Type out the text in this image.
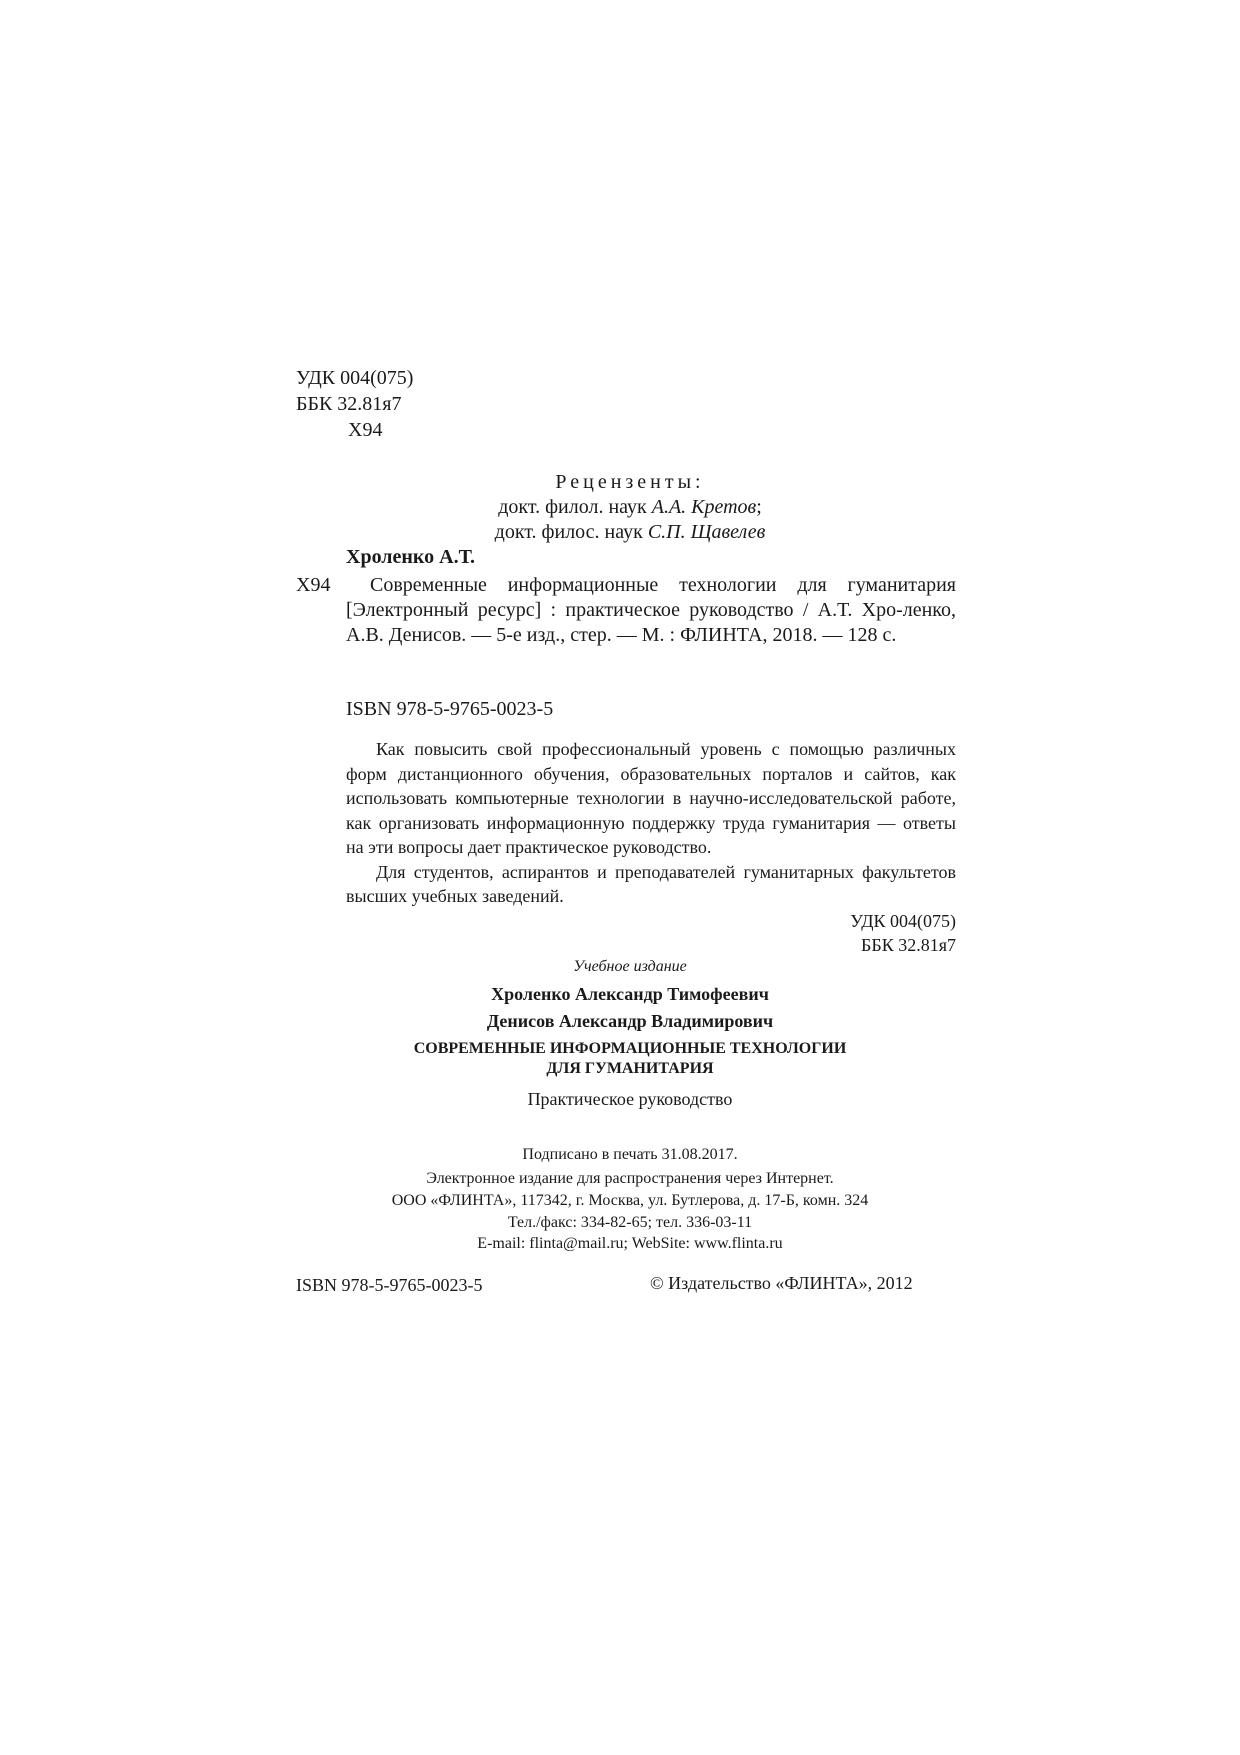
УДК 004(075)
ББК 32.81я7
Х94
Рецензенты:
докт. филол. наук А.А. Кретов;
докт. филос. наук С.П. Щавелев
Хроленко А.Т.
Х94	Современные информационные технологии для гуманитария [Электронный ресурс] : практическое руководство / А.Т. Хро-ленко, А.В. Денисов. — 5-е изд., стер. — М. : ФЛИНТА, 2018. — 128 с.
ISBN 978-5-9765-0023-5

Как повысить свой профессиональный уровень с помощью различных форм дистанционного обучения, образовательных порталов и сайтов, как использовать компьютерные технологии в научно-исследовательской работе, как организовать информационную поддержку труда гуманитария — ответы на эти вопросы дает практическое руководство.

Для студентов, аспирантов и преподавателей гуманитарных факультетов высших учебных заведений.

УДК 004(075)
ББК 32.81я7
Учебное издание
Хроленко Александр Тимофеевич
Денисов Александр Владимирович
СОВРЕМЕННЫЕ ИНФОРМАЦИОННЫЕ ТЕХНОЛОГИИ
ДЛЯ ГУМАНИТАРИЯ
Практическое руководство
Подписано в печать 31.08.2017.
Электронное издание для распространения через Интернет.
ООО «ФЛИНТА», 117342, г. Москва, ул. Бутлерова, д. 17-Б, комн. 324
Тел./факс: 334-82-65; тел. 336-03-11
E-mail: flinta@mail.ru; WebSite: www.flinta.ru
ISBN 978-5-9765-0023-5	© Издательство «ФЛИНТА», 2012
